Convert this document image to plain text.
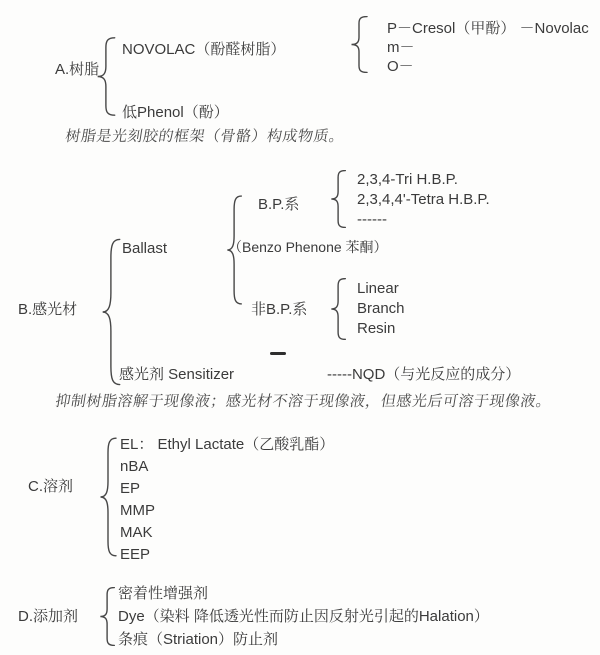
A.树脂
NOVOLAC（酚醛树脂）
P－Cresol（甲酚） －Novolac
m－
O－
低Phenol（酚）
树脂是光刻胶的框架（骨骼）构成物质。
B.感光材
Ballast
B.P.系
2,3,4-Tri H.B.P.
2,3,4,4'-Tetra H.B.P.
------
（Benzo Phenone 苯酮）
非B.P.系
Linear
Branch
Resin
感光剂 Sensitizer	-----NQD（与光反应的成分）
抑制树脂溶解于现像液；感光材不溶于现像液，但感光后可溶于现像液。
C.溶剂
EL： Ethyl Lactate（乙酸乳酯）
nBA
EP
MMP
MAK
EEP
D.添加剂
密着性增强剂
Dye（染料 降低透光性而防止因反射光引起的Halation）
条痕（Striation）防止剂
